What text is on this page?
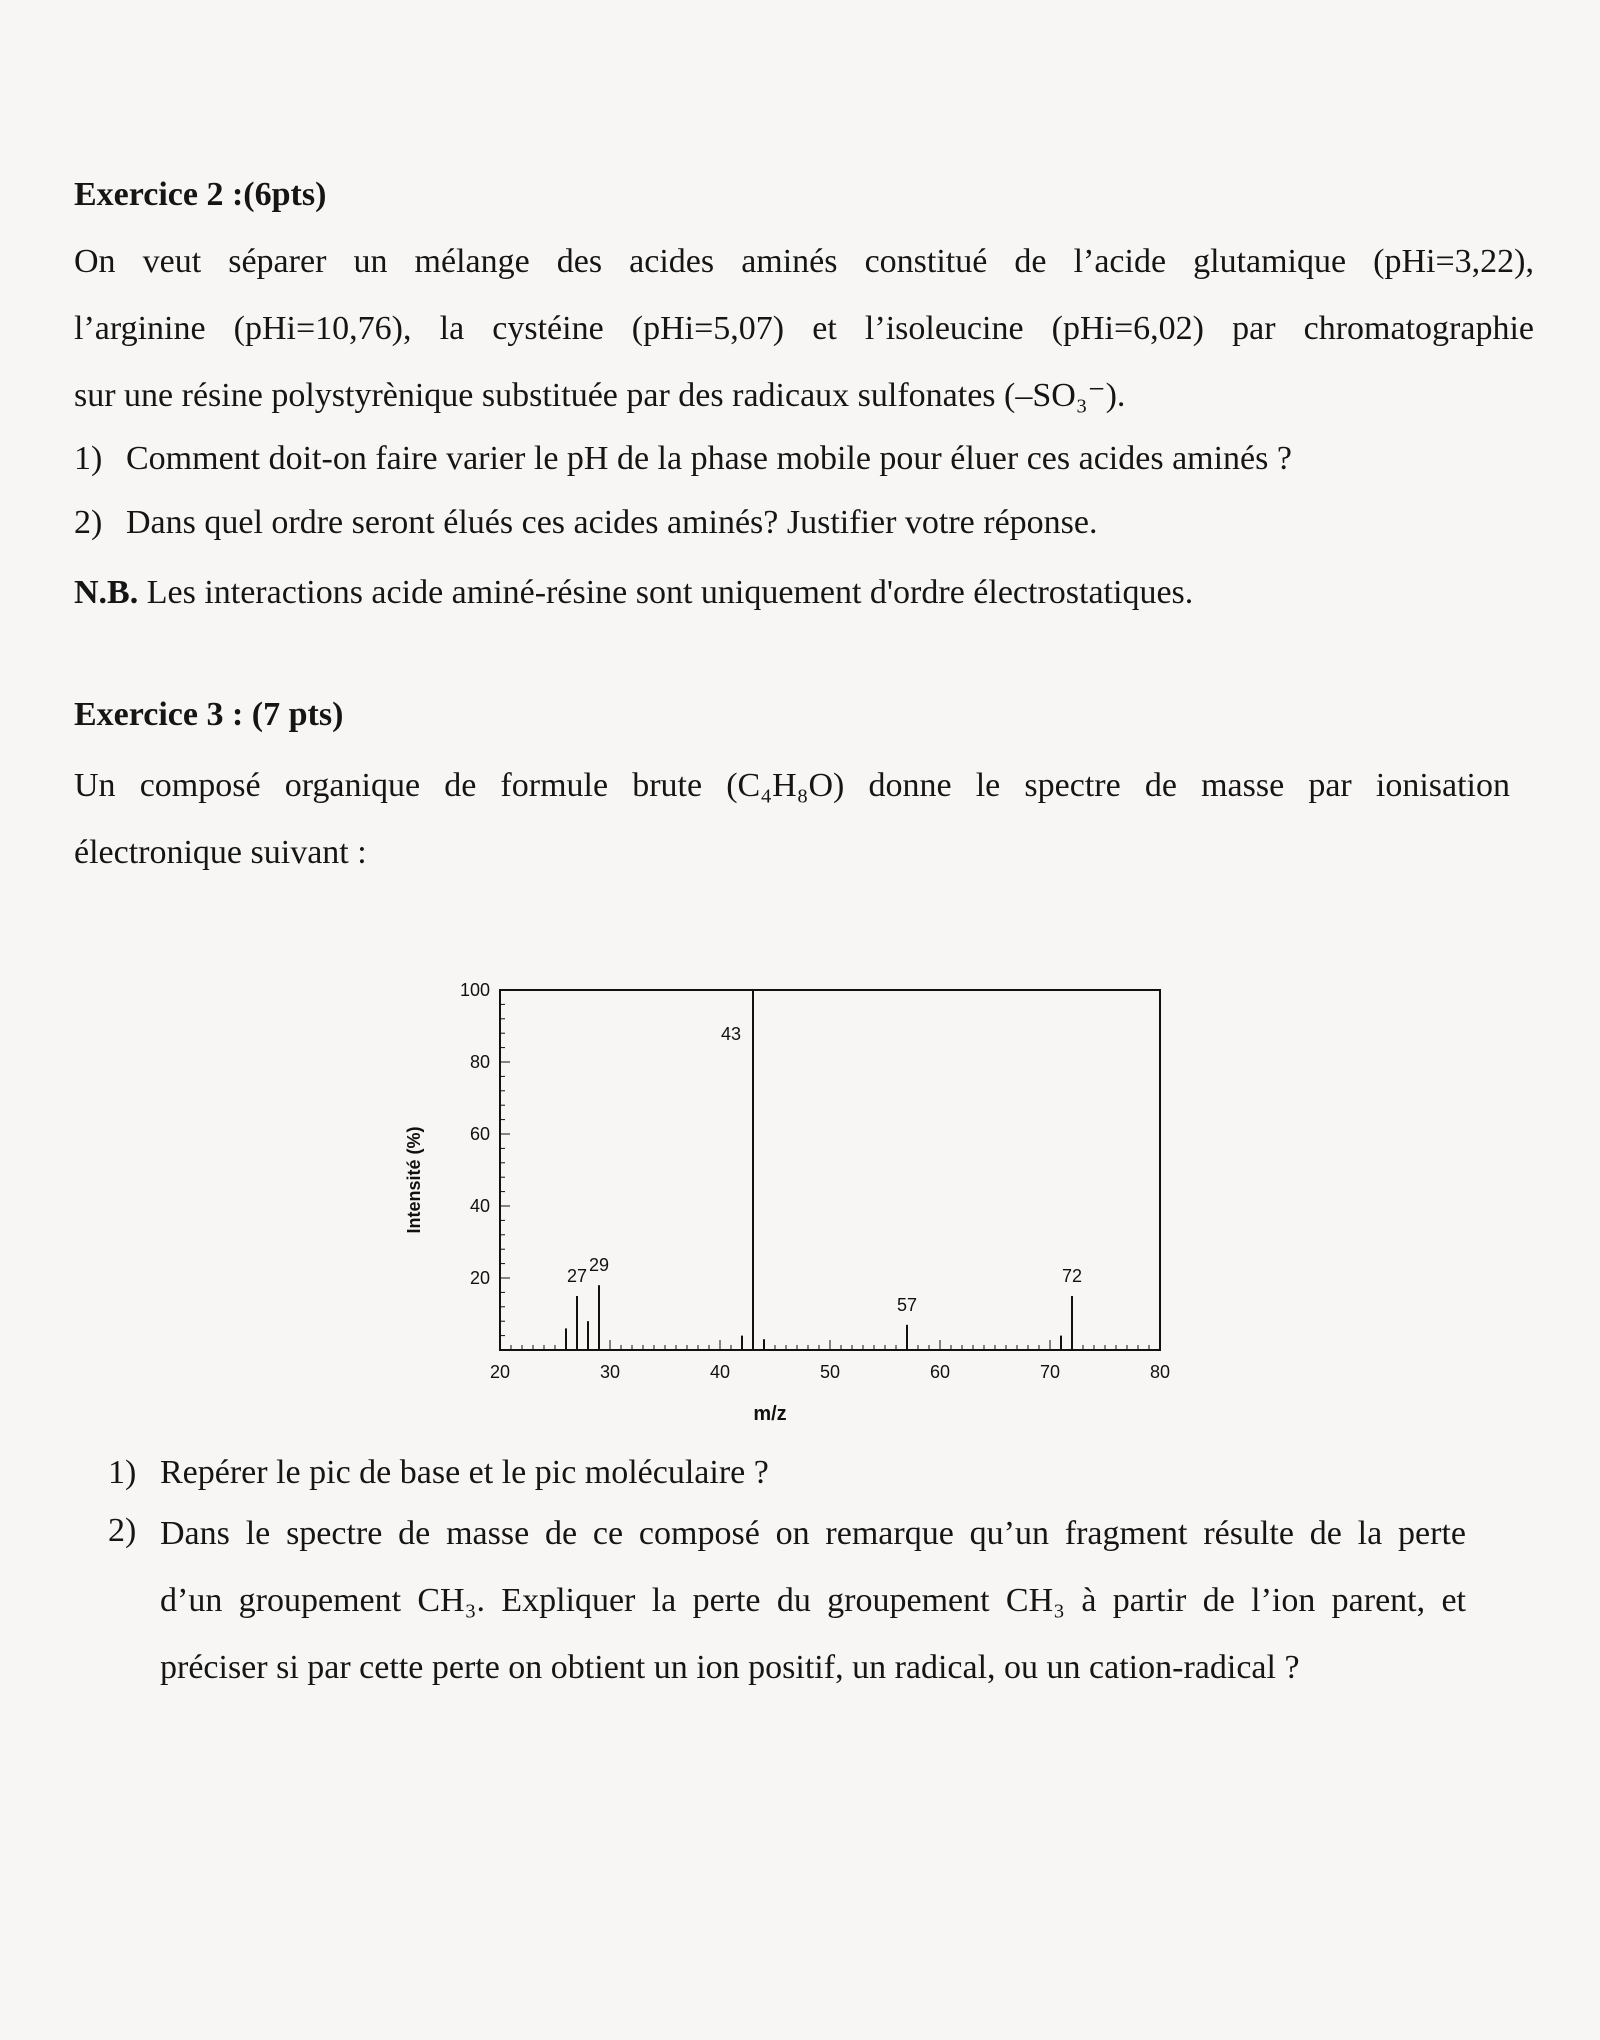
Exercice 2 :(6pts)
On veut séparer un mélange des acides aminés constitué de l’acide glutamique (pHi=3,22),
l’arginine (pHi=10,76), la cystéine (pHi=5,07) et l’isoleucine (pHi=6,02) par chromatographie
sur une résine polystyrènique substituée par des radicaux sulfonates (–SO₃⁻).
1) Comment doit-on faire varier le pH de la phase mobile pour éluer ces acides aminés ?
2) Dans quel ordre seront élués ces acides aminés? Justifier votre réponse.
N.B. Les interactions acide aminé-résine sont uniquement d'ordre électrostatiques.
Exercice 3 : (7 pts)
Un composé organique de formule brute (C₄H₈O) donne le spectre de masse par ionisation
électronique suivant :
20	30	40	50	60	70	80
20
40
60
80
100
m/z
Intensité (%)
27
29
43
57
72
1) Repérer le pic de base et le pic moléculaire ?
2) Dans le spectre de masse de ce composé on remarque qu’un fragment résulte de la perte
d’un groupement CH₃. Expliquer la perte du groupement CH₃ à partir de l’ion parent, et
préciser si par cette perte on obtient un ion positif, un radical, ou un cation-radical ?
